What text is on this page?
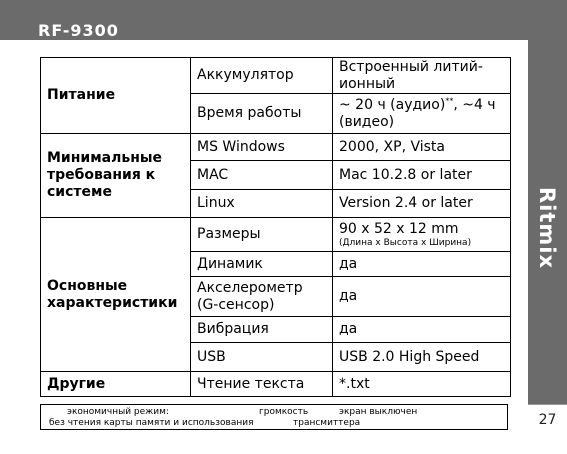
RF-9300
Ritmix
27
Питание	Аккумулятор	Встроенный литий-ионный
	Время работы	~ 20 ч (аудио)**, ~4 ч (видео)
Минимальные требования к системе	MS Windows	2000, XP, Vista
	MAC	Mac 10.2.8 or later
	Linux	Version 2.4 or later
Основные характеристики	Размеры	90 x 52 x 12 mm
(Длина х Высота х Ширина)

	Динамик	да
	Акселерометр (G-сенсор)	да
	Вибрация	да
	USB	USB 2.0 High Speed
Другие	Чтение текста	*.txt
экономичный режим:	громкость	экран выключен
без чтения карты памяти и использования	трансмиттера
